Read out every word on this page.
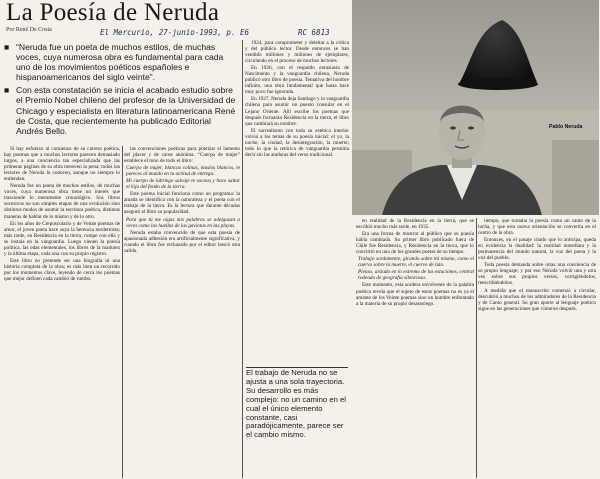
La Poesía de Neruda
Por René De Costa	El Mercurio, 27-junio-1993, p. E6	RC 6813

■ “Neruda fue un poeta de muchos estilos, de muchas voces, cuya numerosa obra es fundamental para cada uno de los movimientos poéticos españoles e hispanoamericanos del siglo veinte”.

■ Con esta constatación se inicia el acabado estudio sobre el Premio Nobel chileno del profesor de la Universidad de Chicago y especialista en literatura latinoamericana René de Costa, que recientemente ha publicado Editorial Andrés Bello.

Sí hay esfuerzo al comienzo de su carrera poética, hay poemas que a muchos lectores parecen demasiado largos, a una conciencia tan especializada que las primeras páginas de su obra merecen la pena; todos los lectores de Neruda lo conocen, aunque no siempre lo entiendan.

Neruda fue un poeta de muchos estilos, de muchas voces, cuya numerosa obra tiene un interés que trasciende lo meramente cronológico. Sus libros sucesivos no son simples etapas de una evolución sino distintos modos de asumir la escritura poética, distintas maneras de hablar de lo mismo y de lo otro.

En los años de Crepusculario y de Veinte poemas de amor, el joven poeta hace suya la herencia modernista; más tarde, en Residencia en la tierra, rompe con ella y se instala en la vanguardia. Luego vienen la poesía política, las odas elementales, los libros de la madurez y la última etapa, cada una con su propio registro.

Este libro no pretende ser una biografía ni una historia completa de la obra; es más bien un recorrido por los momentos clave, leyendo de cerca los poemas que mejor definen cada cambio de rumbo.

las convenciones poéticas para poetizar el lamento del placer y de carne anónima. “Cuerpo de mujer” establece el tono de todo el libro:

Cuerpo de mujer, blancas colinas, muslos blancos, te pareces al mundo en tu actitud de entrega.

Mi cuerpo de labriego salvaje te socava y hace saltar el hijo del fondo de la tierra.

Este poema inicial funciona como un programa: la amada se identifica con la naturaleza y el poeta con el trabajo de la tierra. Es la lectura que durante décadas aseguró al libro su popularidad.

Para que tú me oigas mis palabras se adelgazan a veces como las huellas de las gaviotas en las playas.

Neruda estaba convencido de que esta poesía de apasionada adhesión era artificialmente significativa, y cuando el libro fue rechazado por el editor buscó otra salida.

1924, para comprometer y deleitar a la crítica y del público lector. Desde entonces se han vendido millones y millones de ejemplares, circulando en el proceso de muchos lectores.

En 1926, con el respaldo entusiasta de Nascimento y la vanguardia chilena, Neruda publicó otro libro de poesía. Tentativa del hombre infinito, una obra fundamental que hasta hace muy poco fue ignorada.

En 1927, Neruda deja Santiago y la vanguardia chilena para asumir un puesto consular en el Lejano Oriente. Allí escribe los poemas que después formarán Residencia en la tierra, el libro que cambiará su nombre.

El surrealismo con toda su estética interior volvió a los temas de su poesía inicial: el yo, la noche, la ciudad, la desintegración, la muerte; todo lo que la retórica de vanguardia permitía decir sin las ataduras del verso tradicional.

El trabajo de Neruda no se ajusta a una sola trayectoria. Su desarrollo es más complejo: no un camino en el cual el único elemento constante, casi paradójicamente, parece ser el cambio mismo.
Pablo Neruda

en realidad de la Residencia en la tierra, que se escribió mucho más tarde, en 1935.

Era una forma de mostrar al público que su poesía había cambiado. Su primer libro publicado fuera de Chile fue Residencia, y Residencia en la tierra, que lo convirtió en uno de los grandes poetas de su tiempo.

Trabajo sordamente, girando sobre mí mismo, como el cuervo sobre la muerte, el cuervo de luto.

Pienso, aislado en lo extremo de las estaciones, central rodeado de geografía silenciosa.

Este momento, esta sordera envolvente de la palabra poética revela que el sujeto de estos poemas no es ya el amante de los Veinte poemas sino un hombre enfrentado a la materia de su propio desasosiego.

tiempo, que tornaba la poesía como un canto de la lucha, y que esta nueva orientación se convertía en el centro de la obra.

Entonces, en el pasaje citado que lo anticipa, queda en evidencia la dualidad: la realidad inmediata y la permanencia del mundo natural, la voz del poeta y la voz del pueblo.

Toda poesía demanda sobre otras una conciencia de su propio lenguaje; y por eso Neruda volvió una y otra vez sobre sus propios versos, corrigiéndolos, reescribiéndolos.

A medida que el manuscrito comenzó a circular, descubrió a muchos de los admiradores de la Residencia y de Canto general. Su gran aporte al lenguaje poético sigue en las generaciones que vinieron después.
